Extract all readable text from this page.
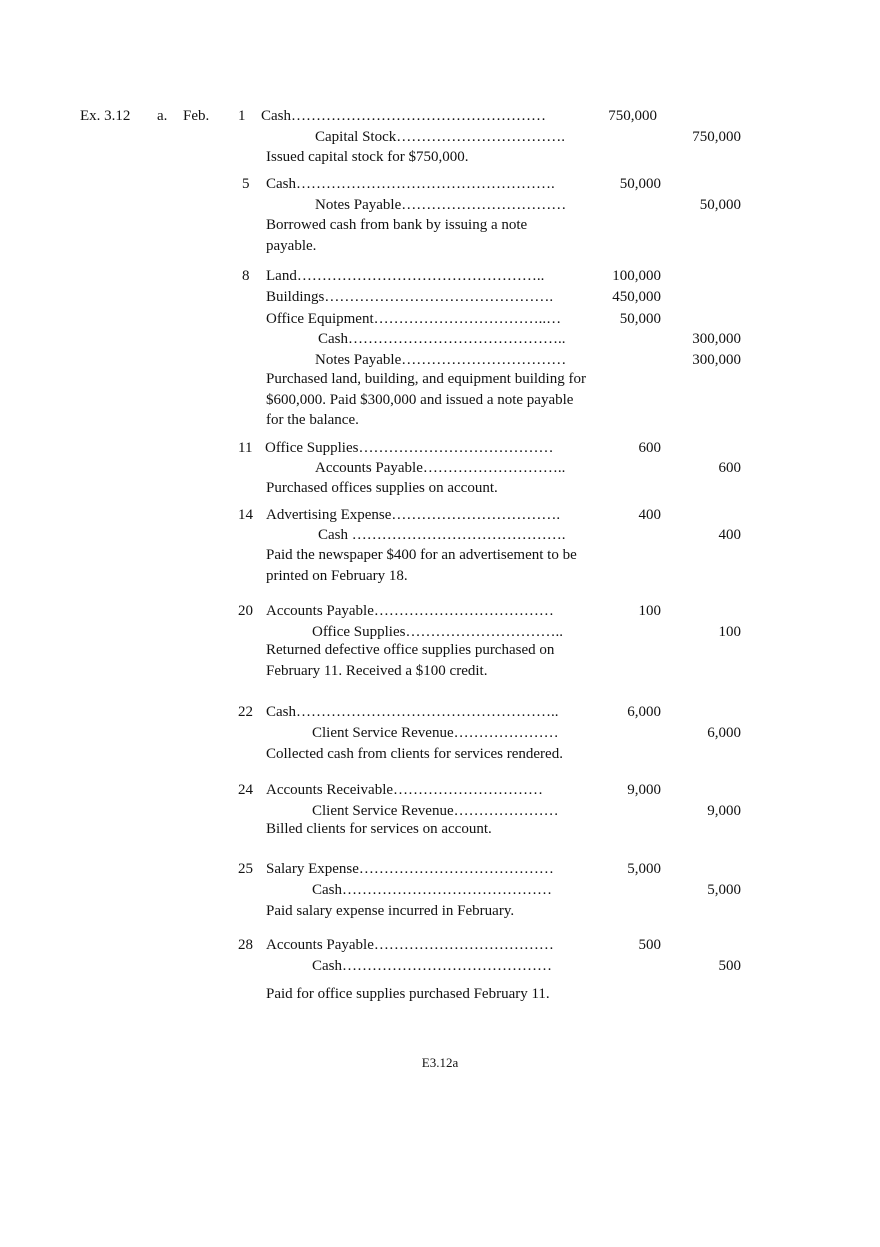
Ex. 3.12 a. Feb. 1 Cash……………………………………………	750,000
Capital Stock…………………………….	750,000
Issued capital stock for $750,000.
5 Cash…………………………………………….	50,000
Notes Payable……………………………	50,000
Borrowed cash from bank by issuing a note payable.
8 Land…………………………………………..	100,000
Buildings……………………………………….	450,000
Office Equipment……………………………..…	50,000
Cash……………………………………..	300,000
Notes Payable……………………………	300,000
Purchased land, building, and equipment building for $600,000. Paid $300,000 and issued a note payable for the balance.
11 Office Supplies…………………………………	600
Accounts Payable………………………..	600
Purchased offices supplies on account.
14 Advertising Expense…………………………….	400
Cash …………………………………….	400
Paid the newspaper $400 for an advertisement to be printed on February 18.
20 Accounts Payable………………………………	100
Office Supplies…………………………..	100
Returned defective office supplies purchased on February 11. Received a $100 credit.
22 Cash……………………………………………..	6,000
Client Service Revenue…………………	6,000
Collected cash from clients for services rendered.
24 Accounts Receivable…………………………	9,000
Client Service Revenue…………………	9,000
Billed clients for services on account.
25 Salary Expense…………………………………	5,000
Cash……………………………………	5,000
Paid salary expense incurred in February.
28 Accounts Payable………………………………	500
Cash……………………………………	500
Paid for office supplies purchased February 11.
E3.12a
